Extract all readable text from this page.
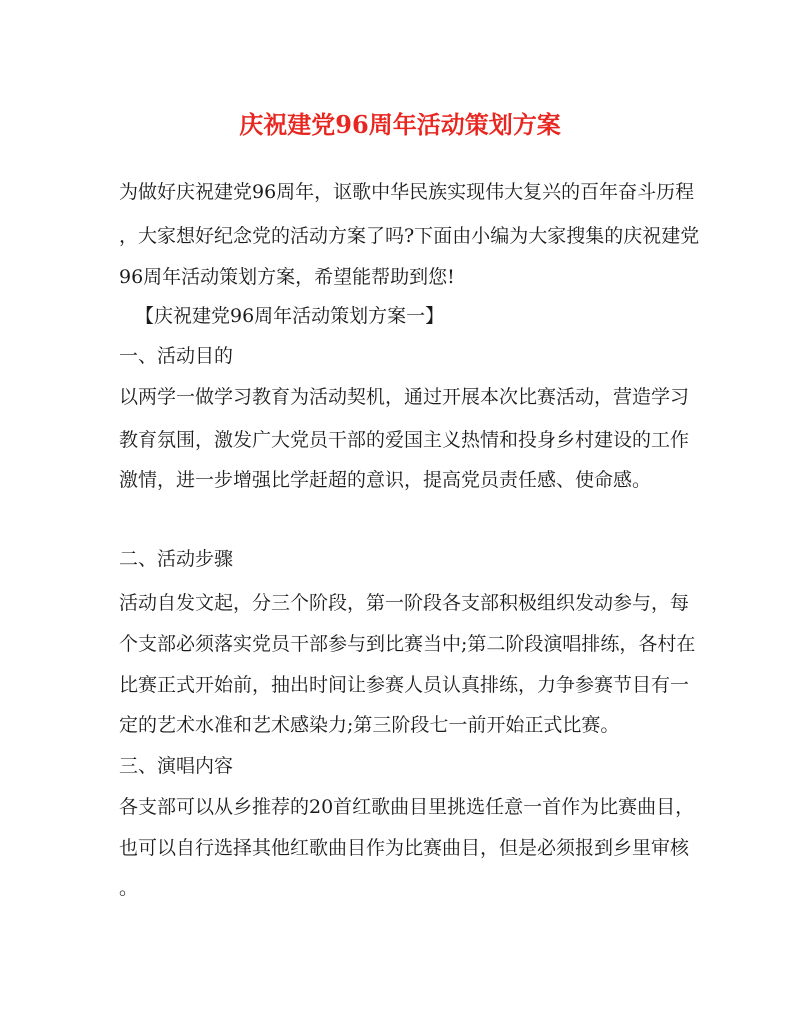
庆祝建党96周年活动策划方案

为做好庆祝建党96周年，讴歌中华民族实现伟大复兴的百年奋斗历程

，大家想好纪念党的活动方案了吗?下面由小编为大家搜集的庆祝建党

96周年活动策划方案，希望能帮助到您!

【庆祝建党96周年活动策划方案一】

一、活动目的

以两学一做学习教育为活动契机，通过开展本次比赛活动，营造学习

教育氛围，激发广大党员干部的爱国主义热情和投身乡村建设的工作

激情，进一步增强比学赶超的意识，提高党员责任感、使命感。

二、活动步骤

活动自发文起，分三个阶段，第一阶段各支部积极组织发动参与，每

个支部必须落实党员干部参与到比赛当中;第二阶段演唱排练，各村在

比赛正式开始前，抽出时间让参赛人员认真排练，力争参赛节目有一

定的艺术水准和艺术感染力;第三阶段七一前开始正式比赛。

三、演唱内容

各支部可以从乡推荐的20首红歌曲目里挑选任意一首作为比赛曲目，

也可以自行选择其他红歌曲目作为比赛曲目，但是必须报到乡里审核

。
